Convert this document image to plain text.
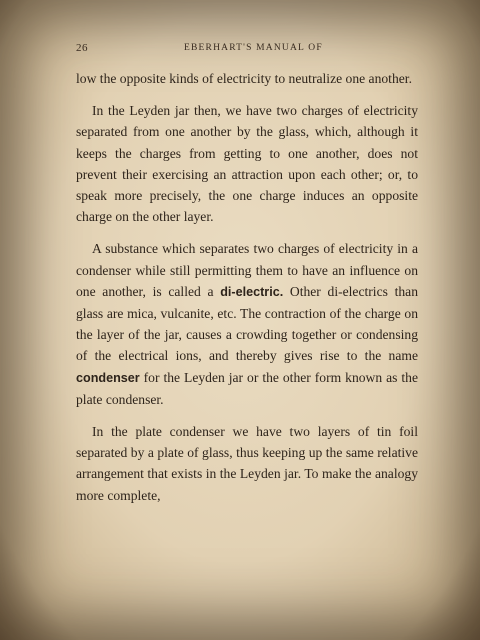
26	EBERHART'S MANUAL OF

low the opposite kinds of electricity to neutralize one another.

In the Leyden jar then, we have two charges of electricity separated from one another by the glass, which, although it keeps the charges from getting to one another, does not prevent their exercising an attraction upon each other; or, to speak more precisely, the one charge induces an opposite charge on the other layer.

A substance which separates two charges of electricity in a condenser while still permitting them to have an influence on one another, is called a di-electric. Other di-electrics than glass are mica, vulcanite, etc. The contraction of the charge on the layer of the jar, causes a crowding together or condensing of the electrical ions, and thereby gives rise to the name condenser for the Leyden jar or the other form known as the plate condenser.

In the plate condenser we have two layers of tin foil separated by a plate of glass, thus keeping up the same relative arrangement that exists in the Leyden jar. To make the analogy more complete,
